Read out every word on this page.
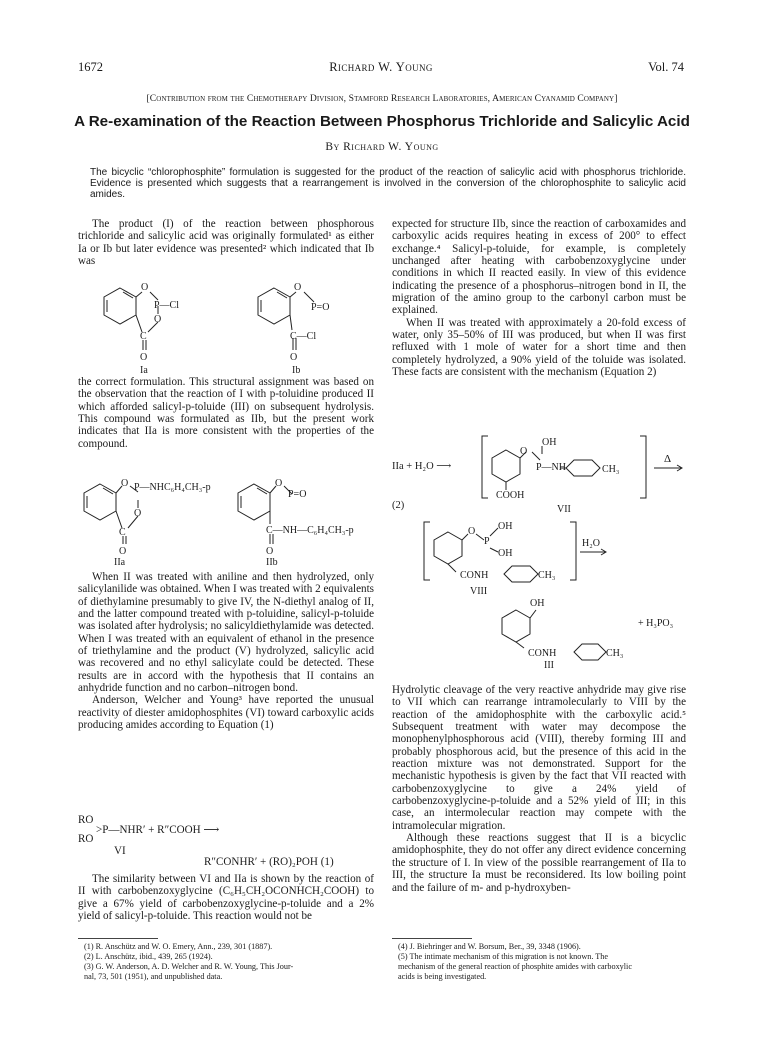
1672	Richard W. Young	Vol. 74
[Contribution from the Chemotherapy Division, Stamford Research Laboratories, American Cyanamid Company]
A Re-examination of the Reaction Between Phosphorus Trichloride and Salicylic Acid
By Richard W. Young
The bicyclic “chlorophosphite” formulation is suggested for the product of the reaction of salicylic acid with phosphorus trichloride. Evidence is presented which suggests that a rearrangement is involved in the conversion of the chlorophosphite to salicylic acid amides.

The product (I) of the reaction between phosphorous trichloride and salicylic acid was originally formulated¹ as either Ia or Ib but later evidence was presented² which indicated that Ib was

O
P—Cl
O
C
O
Ia
O
P=O
C—Cl
O
Ib

the correct formulation. This structural assignment was based on the observation that the reaction of I with p-toluidine produced II which afforded salicyl-p-toluide (III) on subsequent hydrolysis. This compound was formulated as IIb, but the present work indicates that IIa is more consistent with the properties of the compound.

O P—NHC₆H₄CH₃-p
O
C
O
IIa
O
P=O
C—NH—C₆H₄CH₃-p
O
IIb

When II was treated with aniline and then hydrolyzed, only salicylanilide was obtained. When I was treated with 2 equivalents of diethylamine presumably to give IV, the N-diethyl analog of II, and the latter compound treated with p-toluidine, salicyl-p-toluide was isolated after hydrolysis; no salicyldiethylamide was detected. When I was treated with an equivalent of ethanol in the presence of triethylamine and the product (V) hydrolyzed, salicylic acid was recovered and no ethyl salicylate could be detected. These results are in accord with the hypothesis that II contains an anhydride function and no carbon–nitrogen bond.

Anderson, Welcher and Young³ have reported the unusual reactivity of diester amidophosphites (VI) toward carboxylic acids producing amides according to Equation (1)

RO
>P—NHR′ + R″COOH ⟶
RO
VI
R″CONHR′ + (RO)₂POH (1)

The similarity between VI and IIa is shown by the reaction of II with carbobenzoxyglycine (C₆H₅CH₂OCONHCH₂COOH) to give a 67% yield of carbobenzoxyglycine-p-toluide and a 2% yield of salicyl-p-toluide. This reaction would not be

(1) R. Anschütz and W. O. Emery, Ann., 239, 301 (1887).
(2) L. Anschütz, ibid., 439, 265 (1924).
(3) G. W. Anderson, A. D. Welcher and R. W. Young, This Jour-
nal, 73, 501 (1951), and unpublished data.

expected for structure IIb, since the reaction of carboxamides and carboxylic acids requires heating in excess of 200° to effect exchange.⁴ Salicyl-p-toluide, for example, is completely unchanged after heating with carbobenzoxyglycine under conditions in which II reacted easily. In view of this evidence indicating the presence of a phosphorus–nitrogen bond in II, the migration of the amino group to the carbonyl carbon must be explained.

When II was treated with approximately a 20-fold excess of water, only 35–50% of III was produced, but when II was first refluxed with 1 mole of water for a short time and then completely hydrolyzed, a 90% yield of the toluide was isolated. These facts are consistent with the mechanism (Equation 2)

IIa + H₂O ⟶
(2)
OH
O
P—NH	CH₃
COOH
VII
Δ
O
P
OH
OH
CONH	CH₃
VIII
H₂O
OH
CONH	CH₃
III
+ H₃PO₃

Hydrolytic cleavage of the very reactive anhydride may give rise to VII which can rearrange intramolecularly to VIII by the reaction of the amidophosphite with the carboxylic acid.⁵ Subsequent treatment with water may decompose the monophenylphosphorous acid (VIII), thereby forming III and probably phosphorous acid, but the presence of this acid in the reaction mixture was not demonstrated. Support for the mechanistic hypothesis is given by the fact that VII reacted with carbobenzoxyglycine to give a 24% yield of carbobenzoxyglycine-p-toluide and a 52% yield of III; in this case, an intermolecular reaction may compete with the intramolecular migration.

Although these reactions suggest that II is a bicyclic amidophosphite, they do not offer any direct evidence concerning the structure of I. In view of the possible rearrangement of IIa to III, the structure Ia must be reconsidered. Its low boiling point and the failure of m- and p-hydroxyben-

(4) J. Biehringer and W. Borsum, Ber., 39, 3348 (1906).
(5) The intimate mechanism of this migration is not known. The
mechanism of the general reaction of phosphite amides with carboxylic
acids is being investigated.
